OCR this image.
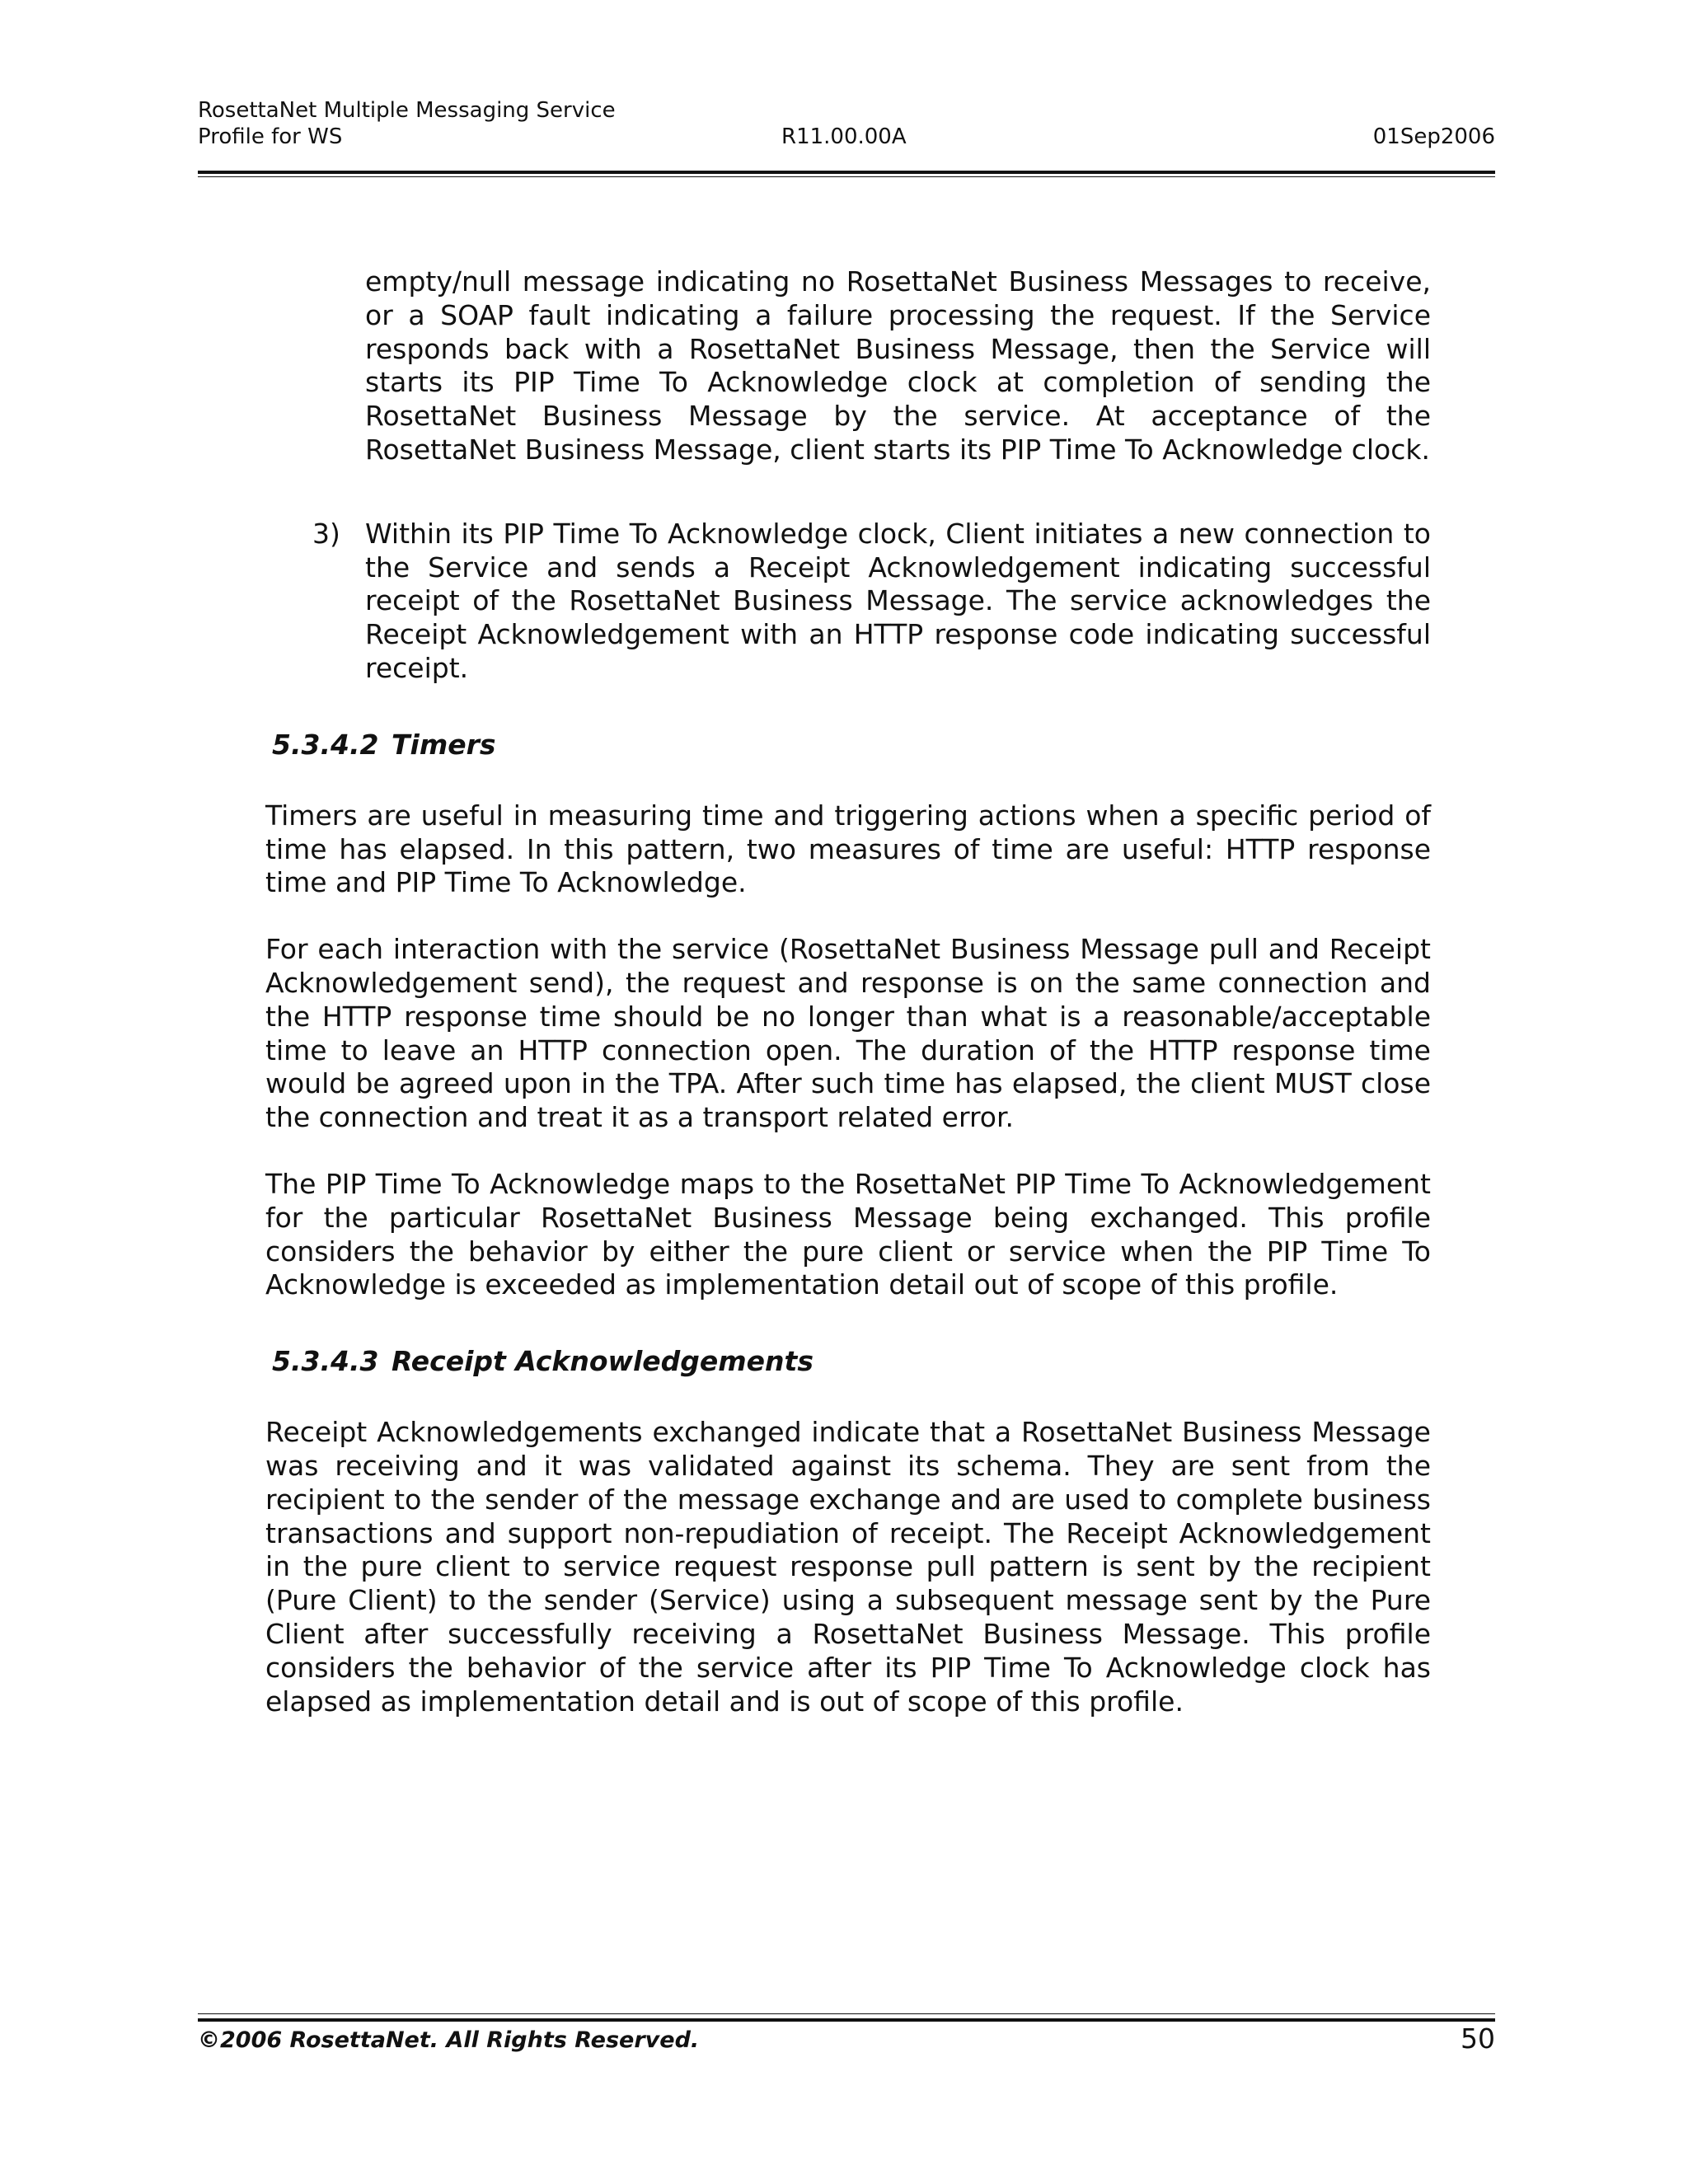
RosettaNet Multiple Messaging Service
Profile for WS	R11.00.00A	01Sep2006

empty/null message indicating no RosettaNet Business Messages to receive, or a SOAP fault indicating a failure processing the request. If the Service responds back with a RosettaNet Business Message, then the Service will starts its PIP Time To Acknowledge clock at completion of sending the RosettaNet Business Message by the service. At acceptance of the RosettaNet Business Message, client starts its PIP Time To Acknowledge clock.

3) Within its PIP Time To Acknowledge clock, Client initiates a new connection to the Service and sends a Receipt Acknowledgement indicating successful receipt of the RosettaNet Business Message. The service acknowledges the Receipt Acknowledgement with an HTTP response code indicating successful receipt.

5.3.4.2 Timers

Timers are useful in measuring time and triggering actions when a specific period of time has elapsed. In this pattern, two measures of time are useful: HTTP response time and PIP Time To Acknowledge.

For each interaction with the service (RosettaNet Business Message pull and Receipt Acknowledgement send), the request and response is on the same connection and the HTTP response time should be no longer than what is a reasonable/acceptable time to leave an HTTP connection open. The duration of the HTTP response time would be agreed upon in the TPA. After such time has elapsed, the client MUST close the connection and treat it as a transport related error.

The PIP Time To Acknowledge maps to the RosettaNet PIP Time To Acknowledgement for the particular RosettaNet Business Message being exchanged. This profile considers the behavior by either the pure client or service when the PIP Time To Acknowledge is exceeded as implementation detail out of scope of this profile.

5.3.4.3 Receipt Acknowledgements

Receipt Acknowledgements exchanged indicate that a RosettaNet Business Message was receiving and it was validated against its schema. They are sent from the recipient to the sender of the message exchange and are used to complete business transactions and support non-repudiation of receipt. The Receipt Acknowledgement in the pure client to service request response pull pattern is sent by the recipient (Pure Client) to the sender (Service) using a subsequent message sent by the Pure Client after successfully receiving a RosettaNet Business Message. This profile considers the behavior of the service after its PIP Time To Acknowledge clock has elapsed as implementation detail and is out of scope of this profile.

©2006 RosettaNet. All Rights Reserved.	50
